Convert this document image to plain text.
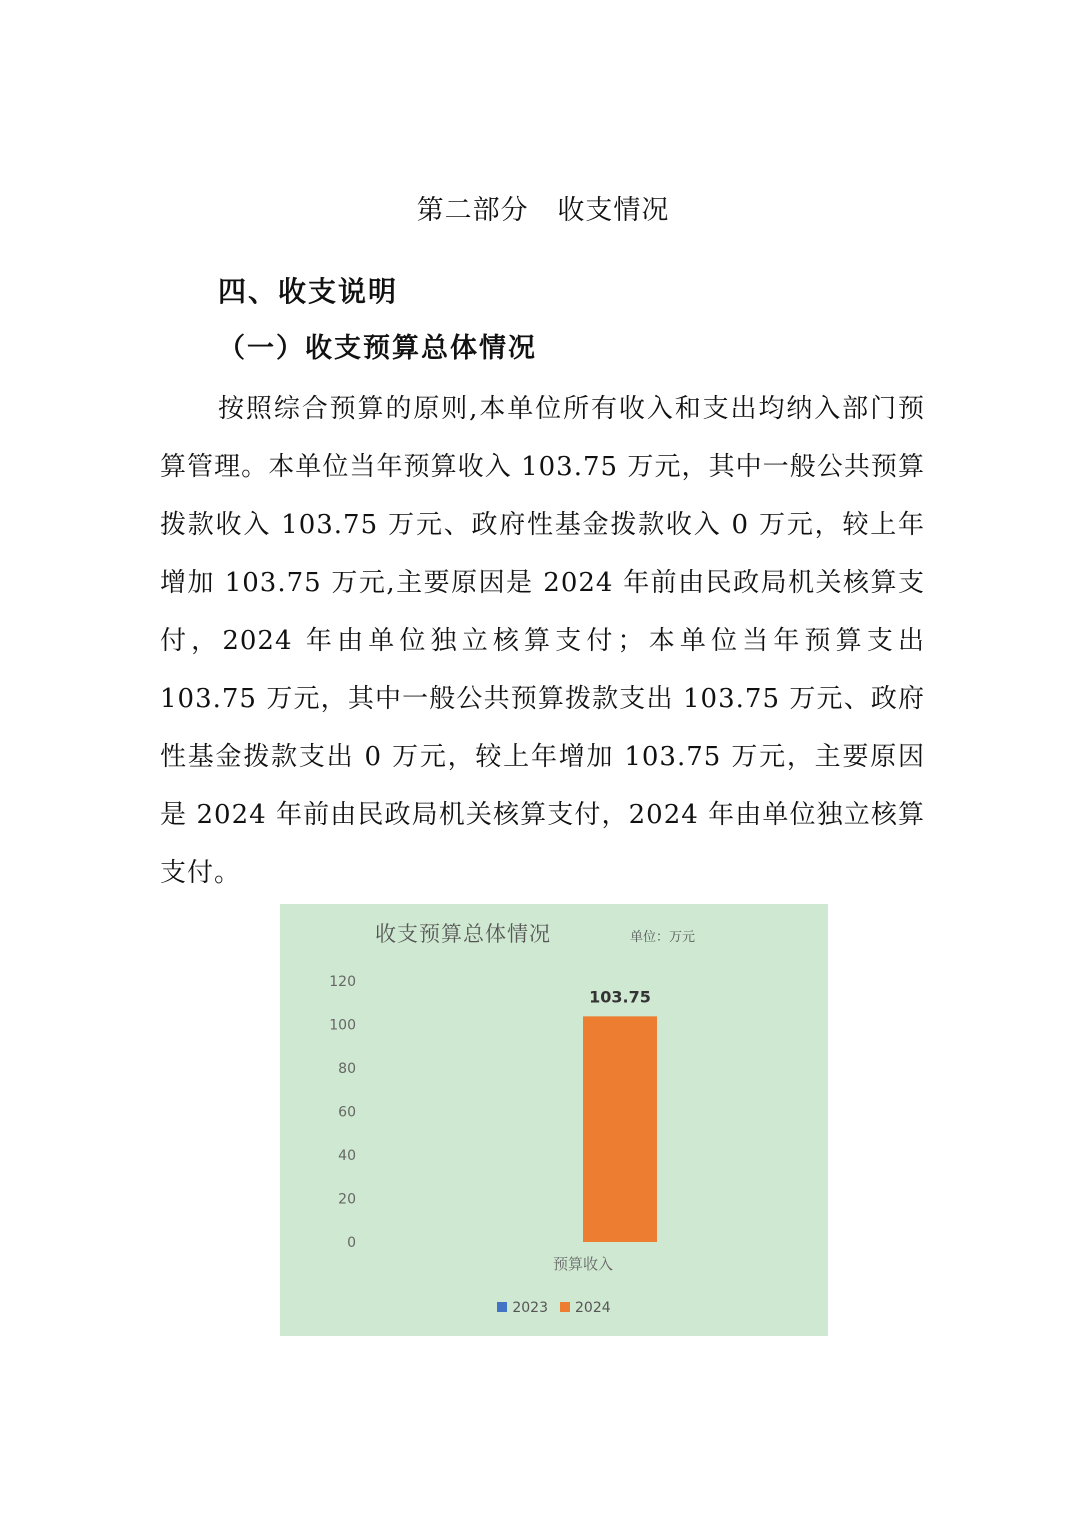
第二部分   收支情况
四、收支说明
（一）收支预算总体情况
按照综合预算的原则,本单位所有收入和支出均纳入部门预算管理。本单位当年预算收入 103.75 万元，其中一般公共预算拨款收入 103.75 万元、政府性基金拨款收入 0 万元，较上年增加 103.75 万元,主要原因是 2024 年前由民政局机关核算支付，2024 年由单位独立核算支付；本单位当年预算支出 103.75 万元，其中一般公共预算拨款支出 103.75 万元、政府性基金拨款支出 0 万元，较上年增加 103.75 万元，主要原因是 2024 年前由民政局机关核算支付，2024 年由单位独立核算支付。
收支预算总体情况	单位：万元
0
20
40
60
80
100
120
103.75
预算收入
2023 2024
